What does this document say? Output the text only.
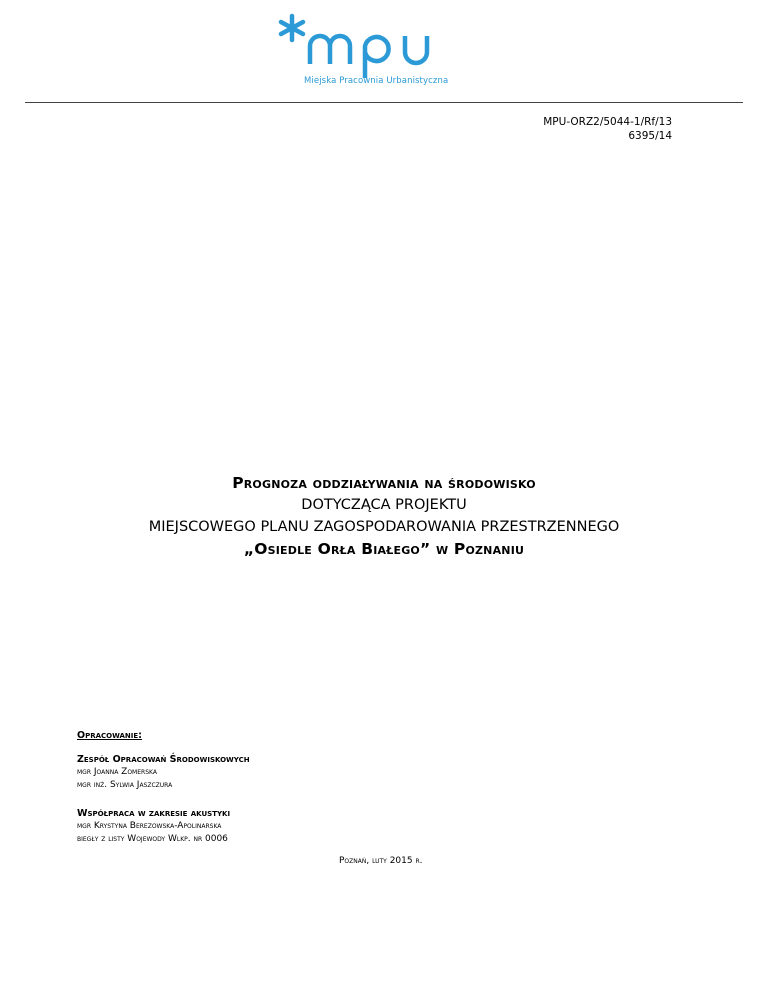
Miejska Pracownia Urbanistyczna
MPU-ORZ2/5044-1/Rf/13
6395/14
Prognoza oddziaływania na środowisko
DOTYCZĄCA PROJEKTU
MIEJSCOWEGO PLANU ZAGOSPODAROWANIA PRZESTRZENNEGO
„Osiedle Orła Białego” w Poznaniu
Opracowanie:
Zespół Opracowań Środowiskowych
mgr Joanna Zomerska
mgr inż. Sylwia Jaszczura
Współpraca w zakresie akustyki
mgr Krystyna Berezowska-Apolinarska
biegły z listy Wojewody Wlkp. nr 0006
Poznań, luty 2015 r.
